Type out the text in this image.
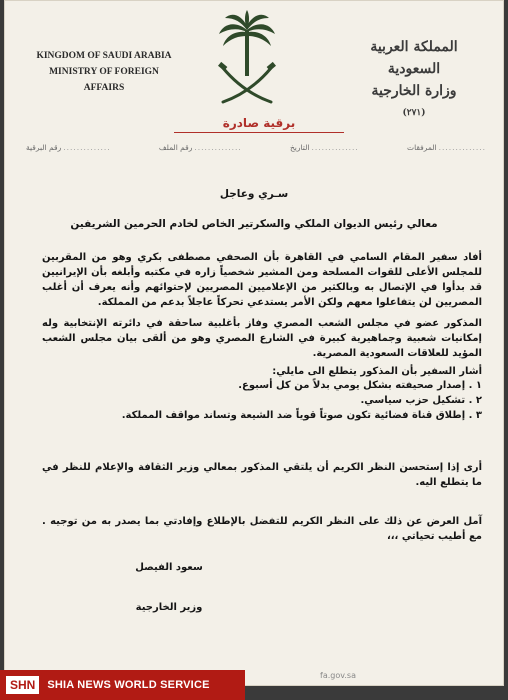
KINGDOM OF SAUDI ARABIA
MINISTRY OF FOREIGN AFFAIRS
المملكة العربية السعودية
وزارة الخارجية
(٢٧١)
برقية صادرة
رقم البرقية ..............	رقم الملف ..............	التاريخ ..............	المرفقات ..............
سـري وعاجل
معالي رئيس الديوان الملكي والسكرتير الخاص لخادم الحرمين الشريفين
أفاد سفير المقام السامي في القاهرة بأن الصحفي مصطفى بكري وهو من المقربين للمجلس الأعلى للقوات المسلحة ومن المشير شخصياً زاره في مكتبه وأبلغه بأن الإيرانيين قد بدأوا في الإتصال به وبالكثير من الإعلاميين المصريين لإحتوائهم وأنه يعرف أن أغلب المصريين لن يتفاعلوا معهم ولكن الأمر يستدعي تحركاً عاجلاً بدعم من المملكة.
المذكور عضو في مجلس الشعب المصري وفاز بأغلبية ساحقة في دائرته الإنتخابية وله إمكانيات شعبية وجماهيرية كبيرة في الشارع المصري وهو من ألقى بيان مجلس الشعب المؤيد للعلاقات السعودية المصرية.
أشار السفير بأن المذكور يتطلع الى مايلي:
١ . إصدار صحيفته بشكل يومي بدلاً من كل أسبوع.
٢ . تشكيل حزب سياسي.
٣ . إطلاق قناة فضائية تكون صوتاً قوياً ضد الشيعة وتساند مواقف المملكة.
أرى إذا إستحسن النظر الكريم أن يلتقي المذكور بمعالي وزير الثقافة والإعلام للنظر في ما يتطلع اليه.
آمل العرض عن ذلك على النظر الكريم للتفضل بالإطلاع وإفادتي بما يصدر به من توجيه . مع أطيب تحياتي ،،،
سعود الفيصل
وزير الخارجية
fa.gov.sa
SHN	SHIA NEWS WORLD SERVICE
